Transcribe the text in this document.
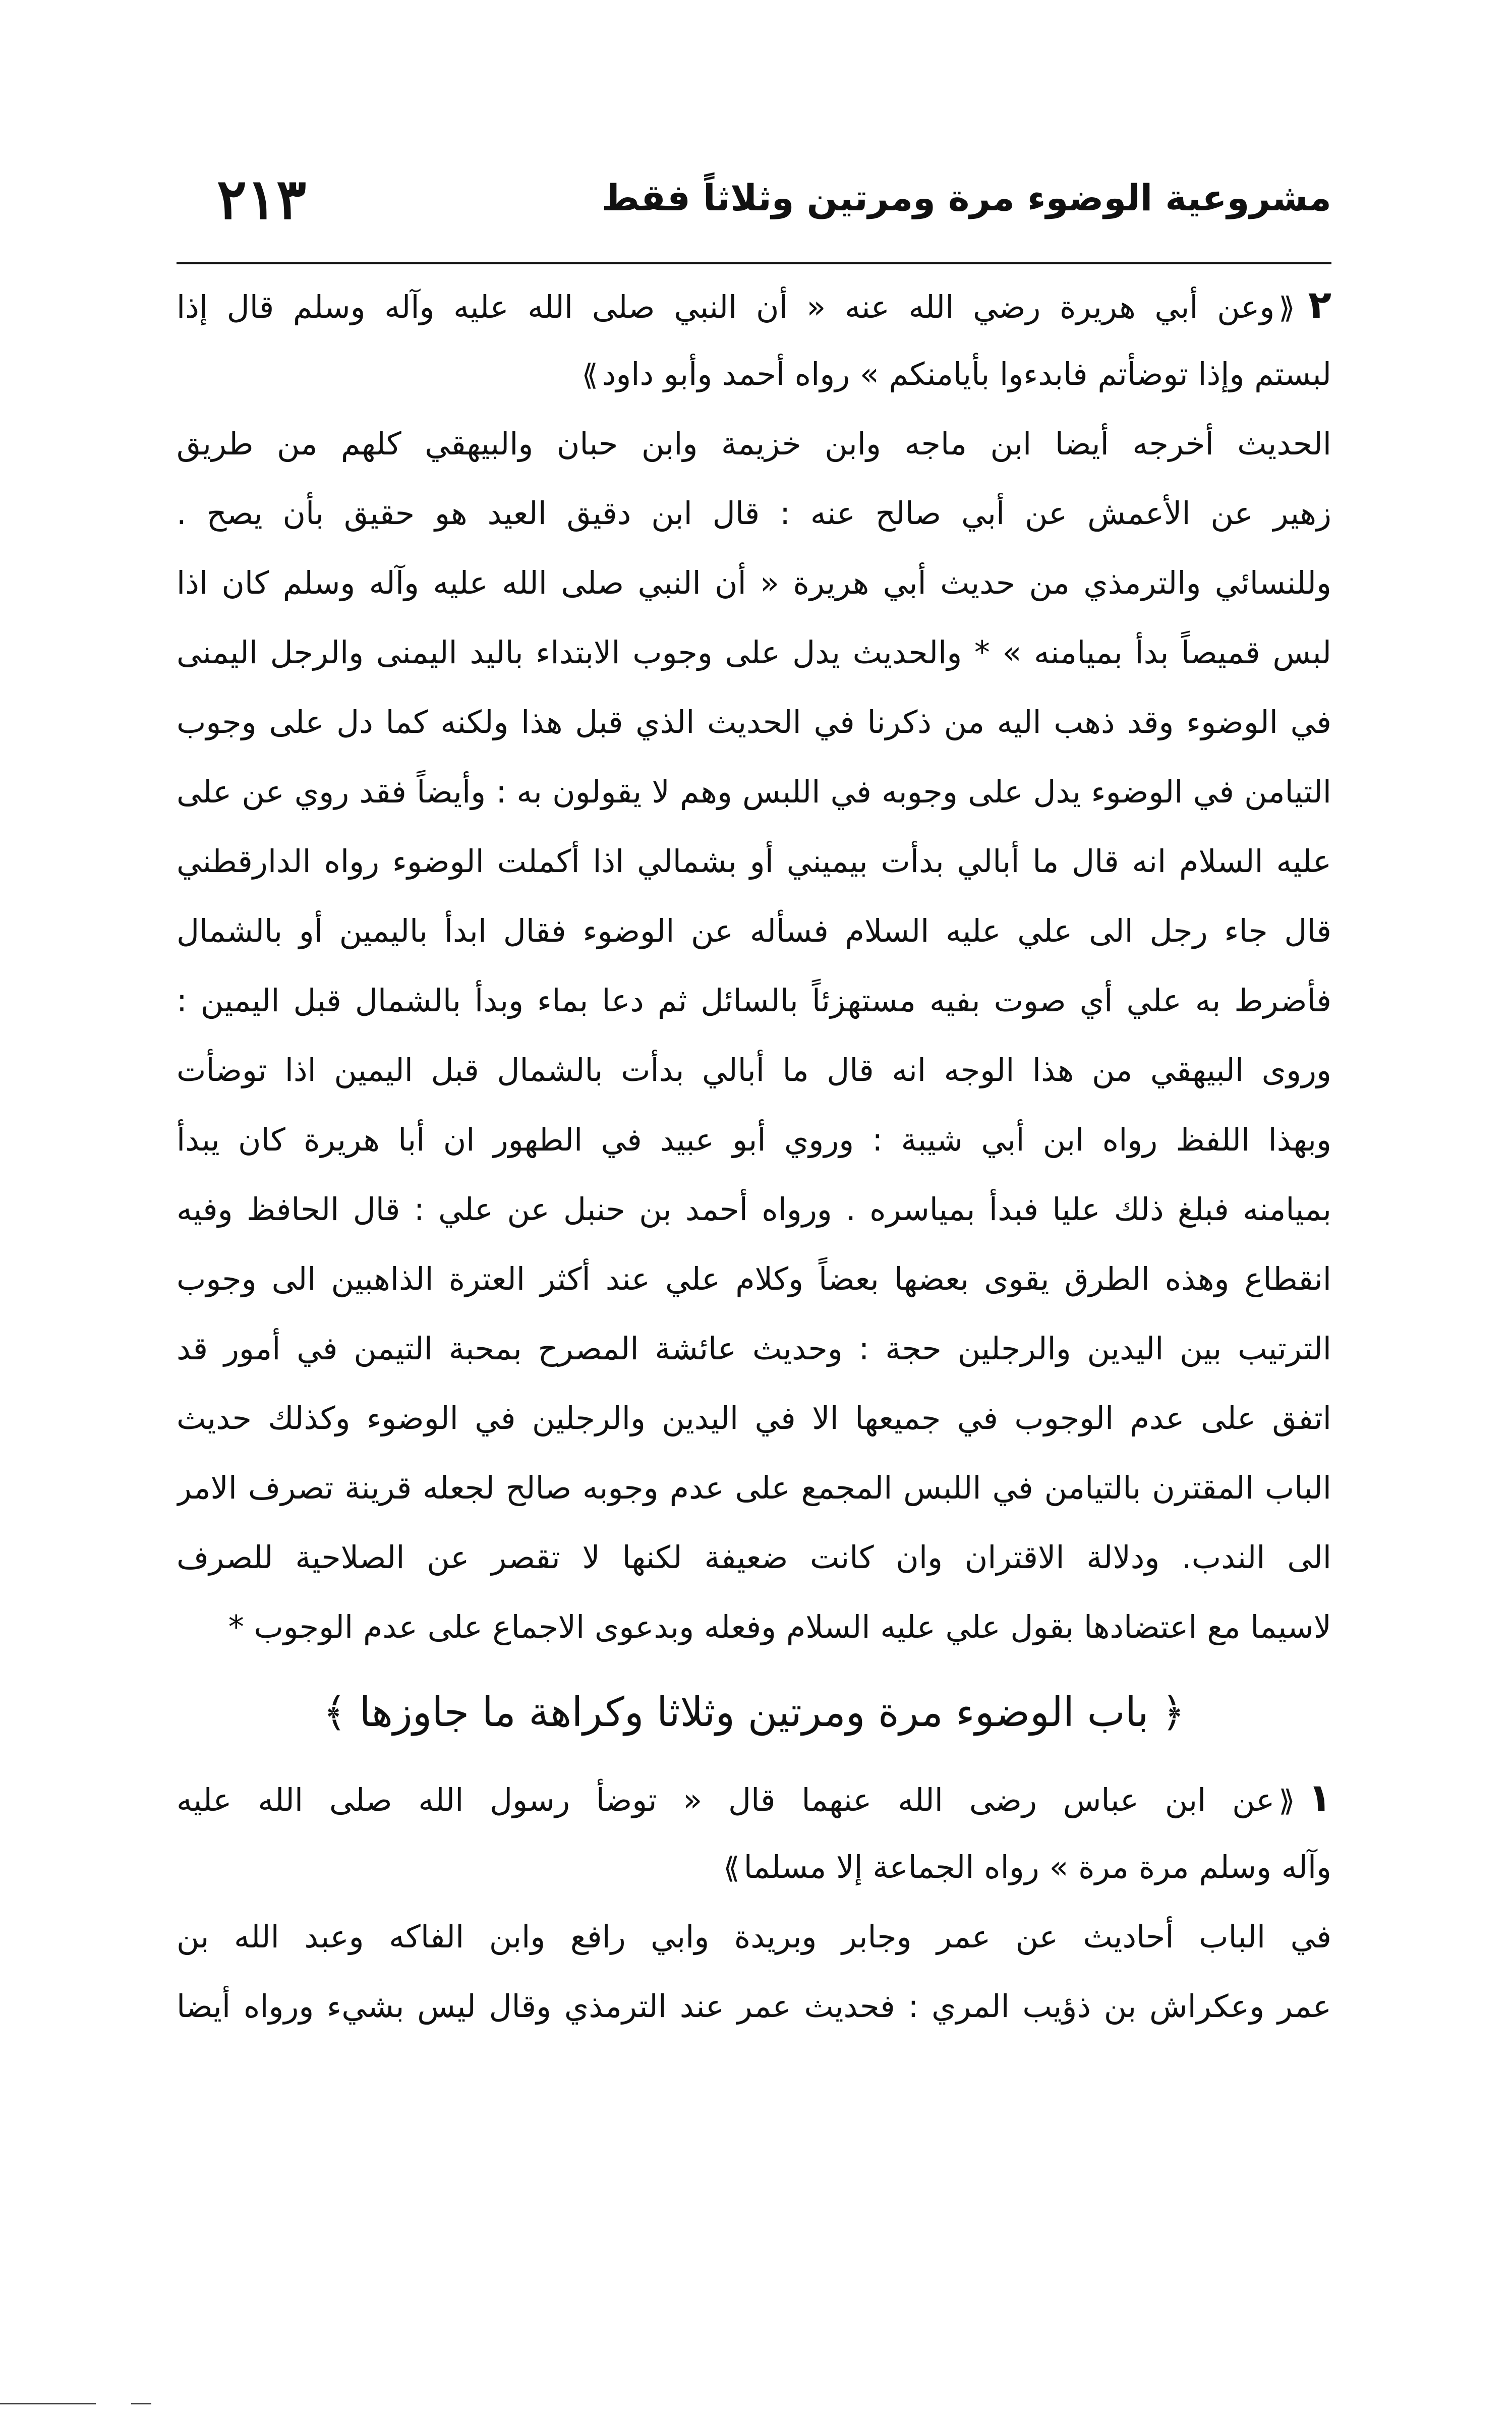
مشروعية الوضوء مرة ومرتين وثلاثاً فقط
٢١٣
٢⟪وعن أبي هريرة رضي الله عنه « أن النبي صلى الله عليه وآله وسلم قال إذا
لبستم وإذا توضأتم فابدءوا بأيامنكم » رواه أحمد وأبو داود⟫
الحديث أخرجه أيضا ابن ماجه وابن خزيمة وابن حبان والبيهقي كلهم من طريق
زهير عن الأعمش عن أبي صالح عنه : قال ابن دقيق العيد هو حقيق بأن يصح .
وللنسائي والترمذي من حديث أبي هريرة « أن النبي صلى الله عليه وآله وسلم كان اذا
لبس قميصاً بدأ بميامنه » * والحديث يدل على وجوب الابتداء باليد اليمنى والرجل اليمنى
في الوضوء وقد ذهب اليه من ذكرنا في الحديث الذي قبل هذا ولكنه كما دل على وجوب
التيامن في الوضوء يدل على وجوبه في اللبس وهم لا يقولون به : وأيضاً فقد روي عن على
عليه السلام انه قال ما أبالي بدأت بيميني أو بشمالي اذا أكملت الوضوء رواه الدارقطني
قال جاء رجل الى علي عليه السلام فسأله عن الوضوء فقال ابدأ باليمين أو بالشمال
فأضرط به علي أي صوت بفيه مستهزئاً بالسائل ثم دعا بماء وبدأ بالشمال قبل اليمين :
وروى البيهقي من هذا الوجه انه قال ما أبالي بدأت بالشمال قبل اليمين اذا توضأت
وبهذا اللفظ رواه ابن أبي شيبة : وروي أبو عبيد في الطهور ان أبا هريرة كان يبدأ
بميامنه فبلغ ذلك عليا فبدأ بمياسره . ورواه أحمد بن حنبل عن علي : قال الحافظ وفيه
انقطاع وهذه الطرق يقوى بعضها بعضاً وكلام علي عند أكثر العترة الذاهبين الى وجوب
الترتيب بين اليدين والرجلين حجة : وحديث عائشة المصرح بمحبة التيمن في أمور قد
اتفق على عدم الوجوب في جميعها الا في اليدين والرجلين في الوضوء وكذلك حديث
الباب المقترن بالتيامن في اللبس المجمع على عدم وجوبه صالح لجعله قرينة تصرف الامر
الى الندب. ودلالة الاقتران وان كانت ضعيفة لكنها لا تقصر عن الصلاحية للصرف
لاسيما مع اعتضادها بقول علي عليه السلام وفعله وبدعوى الاجماع على عدم الوجوب *
﴿ باب الوضوء مرة ومرتين وثلاثا وكراهة ما جاوزها ﴾
١⟪عن ابن عباس رضى الله عنهما قال « توضأ رسول الله صلى الله عليه
وآله وسلم مرة مرة » رواه الجماعة إلا مسلما⟫
في الباب أحاديث عن عمر وجابر وبريدة وابي رافع وابن الفاكه وعبد الله بن
عمر وعكراش بن ذؤيب المري : فحديث عمر عند الترمذي وقال ليس بشيء ورواه أيضا
